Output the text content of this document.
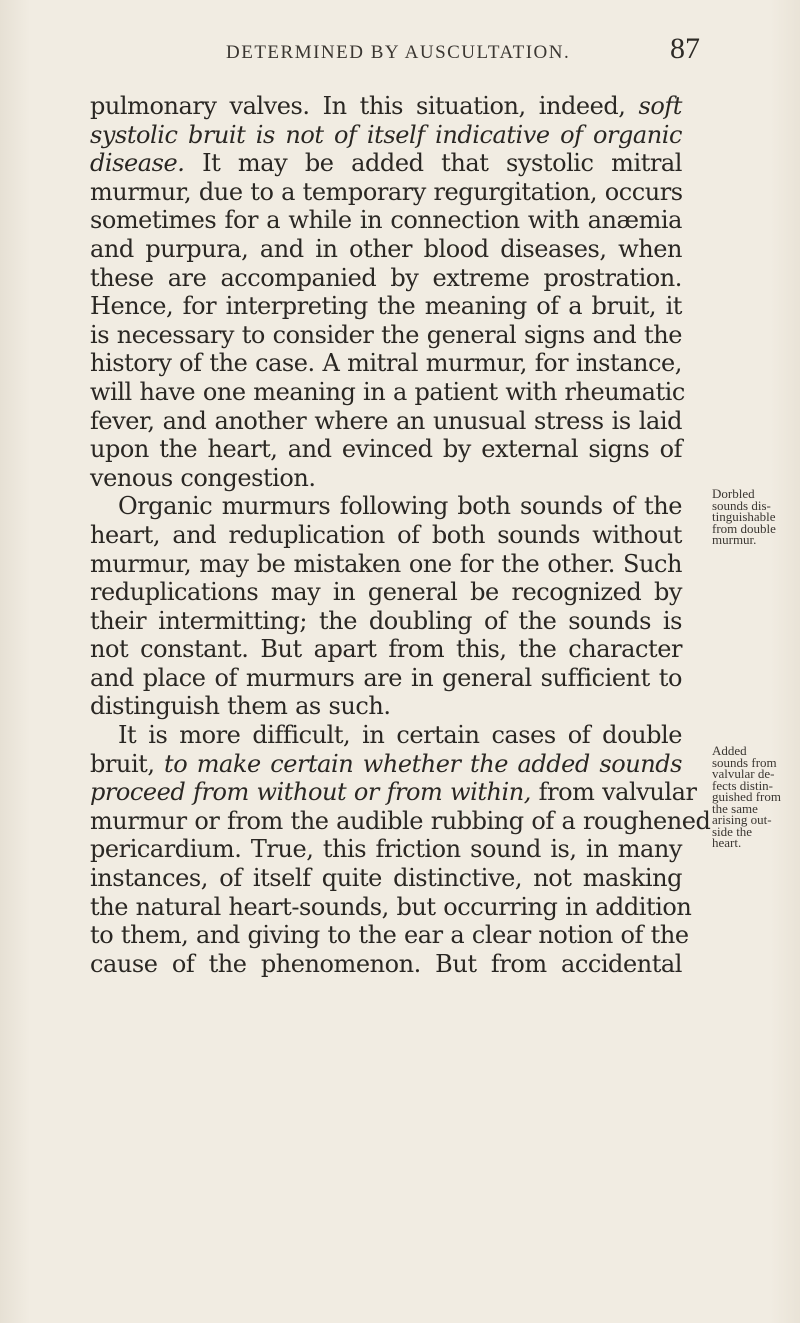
DETERMINED BY AUSCULTATION.	87
pulmonary valves. In this situation, indeed, soft
systolic bruit is not of itself indicative of organic
disease. It may be added that systolic mitral
murmur, due to a temporary regurgitation, occurs
sometimes for a while in connection with anæmia
and purpura, and in other blood diseases, when
these are accompanied by extreme prostration.
Hence, for interpreting the meaning of a bruit, it
is necessary to consider the general signs and the
history of the case. A mitral murmur, for instance,
will have one meaning in a patient with rheumatic
fever, and another where an unusual stress is laid
upon the heart, and evinced by external signs of
venous congestion.
Organic murmurs following both sounds of the
heart, and reduplication of both sounds without
murmur, may be mistaken one for the other. Such
reduplications may in general be recognized by
their intermitting; the doubling of the sounds is
not constant. But apart from this, the character
and place of murmurs are in general sufficient to
distinguish them as such.
It is more difficult, in certain cases of double
bruit, to make certain whether the added sounds
proceed from without or from within, from valvular
murmur or from the audible rubbing of a roughened
pericardium. True, this friction sound is, in many
instances, of itself quite distinctive, not masking
the natural heart-sounds, but occurring in addition
to them, and giving to the ear a clear notion of the
cause of the phenomenon. But from accidental
Dorbled
sounds dis-
tinguishable
from double
murmur.
Added
sounds from
valvular de-
fects distin-
guished from
the same
arising out-
side the
heart.
